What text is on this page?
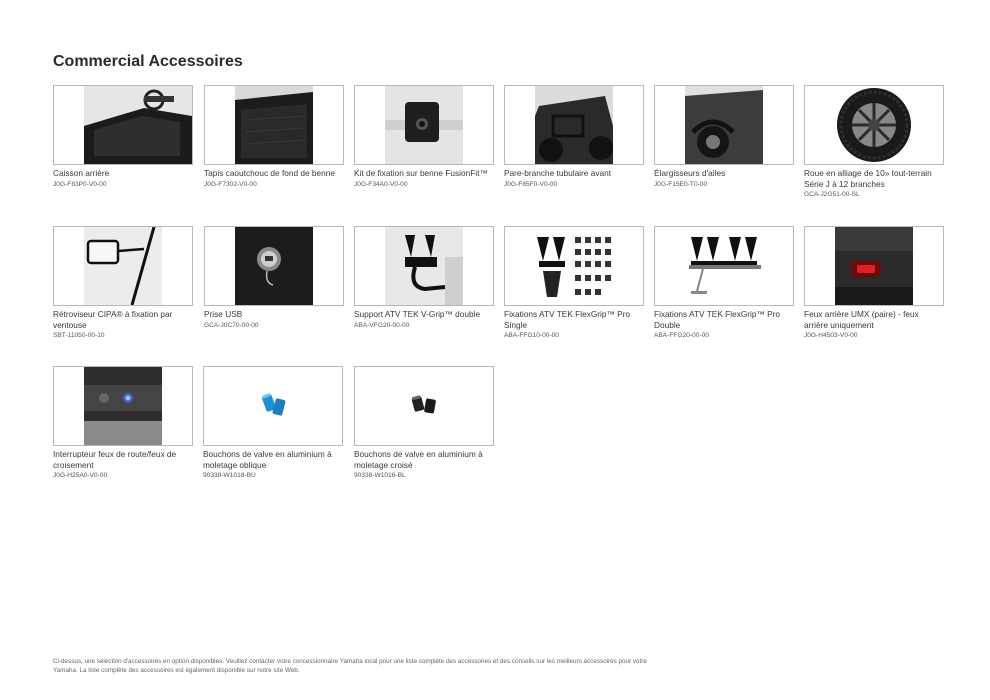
Commercial Accessoires
Caisson arrière
J0G-F83P0-V0-00
Tapis caoutchouc de fond de benne
J0G-F7302-V0-00
Kit de fixation sur benne FusionFit™
J0G-F34A0-V0-00
Pare-branche tubulaire avant
J0G-F85F0-V0-00
Élargisseurs d'ailes
J0G-F15E0-T0-00
Roue en alliage de 10» tout-terrain Série J à 12 branches
GCA-J2G51-00-SL
Rétroviseur CIPA® à fixation par ventouse
SBT-11050-00-10
Prise USB
GCA-J0C70-00-00
Support ATV TEK V-Grip™ double
ABA-VFG20-00-00
Fixations ATV TEK FlexGrip™ Pro Single
ABA-FFG10-00-00
Fixations ATV TEK FlexGrip™ Pro Double
ABA-FFG20-00-00
Feux arrière UMX (paire) - feux arrière uniquement
J0G-H4503-V0-00
Interrupteur feux de route/feux de croisement
J0G-H25A0-V0-00
Bouchons de valve en aluminium à moletage oblique
90338-W1018-BU
Bouchons de valve en aluminium à moletage croisé
90338-W1016-BL
Ci-dessus, une sélection d'accessoires en option disponibles. Veuillez contacter votre concessionnaire Yamaha local pour une liste complète des accessoires et des conseils sur les meilleurs accessoires pour votre Yamaha. La liste complète des accessoires est également disponible sur notre site Web.
